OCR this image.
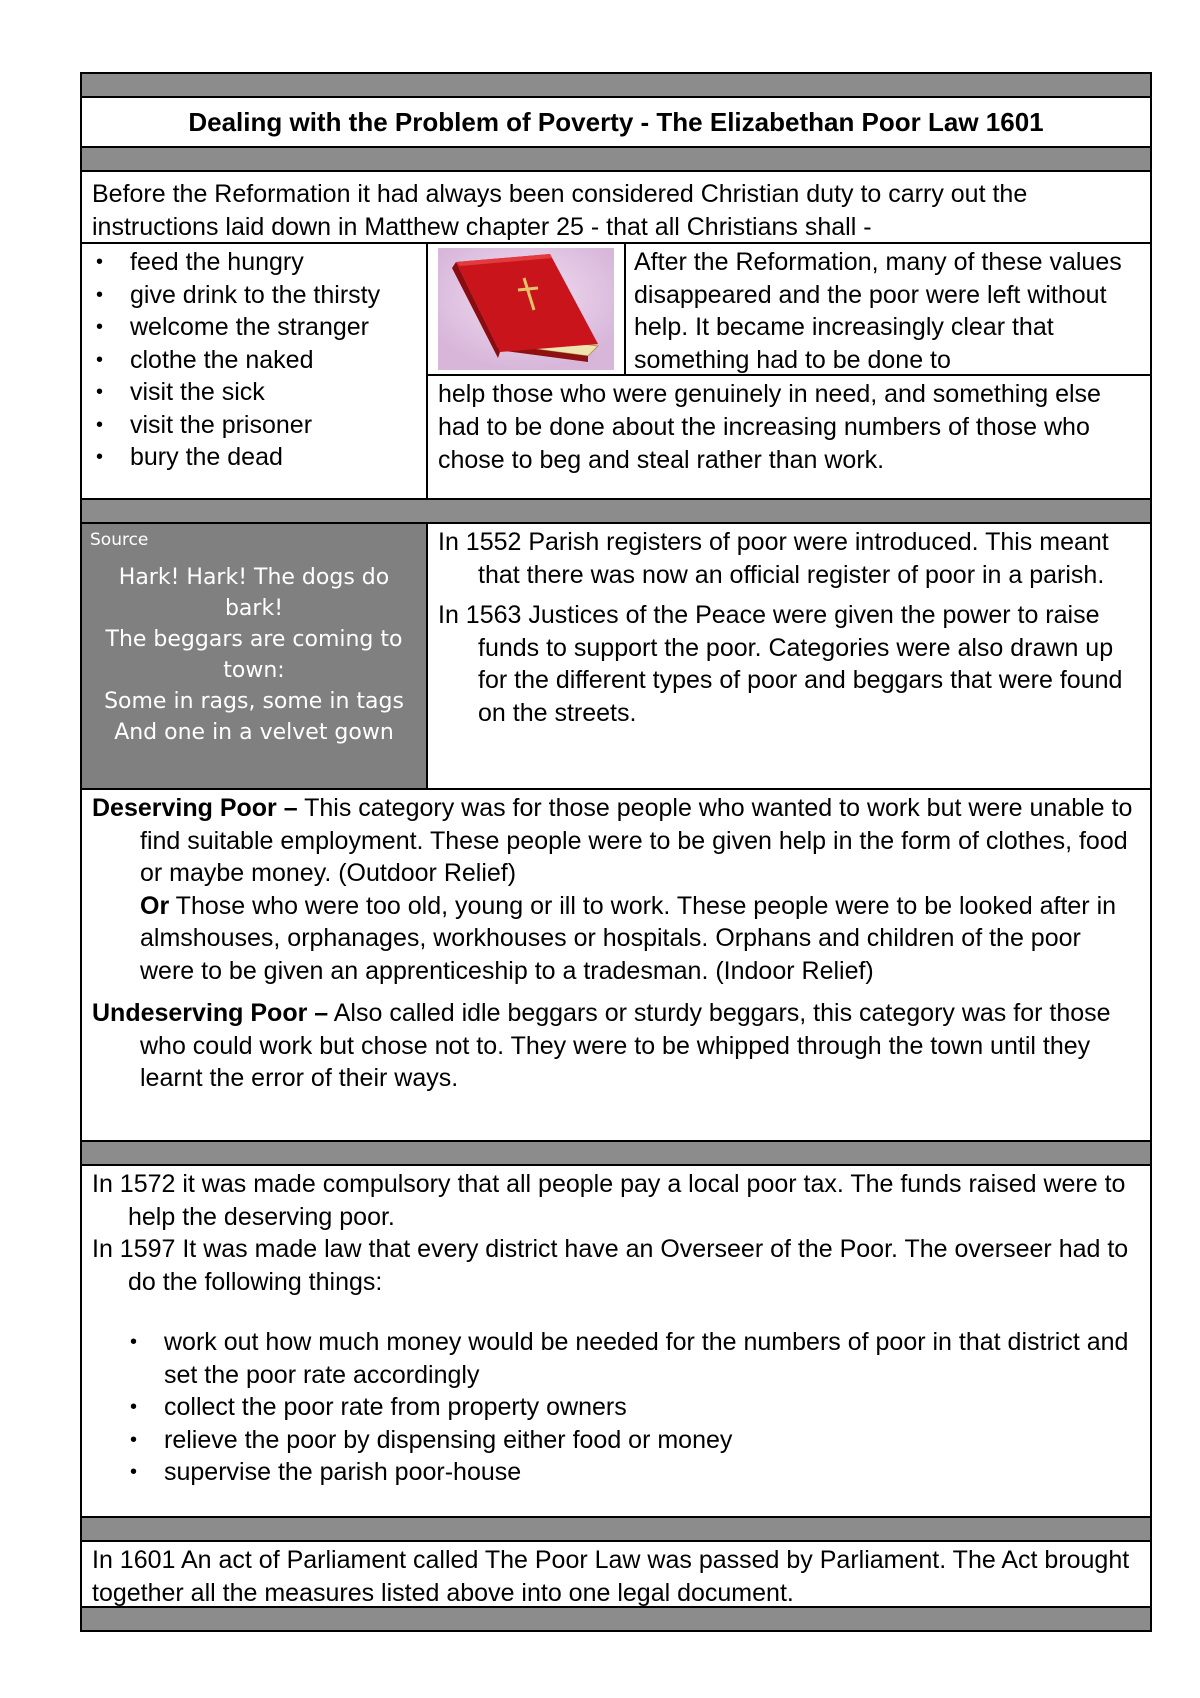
Dealing with the Problem of Poverty - The Elizabethan Poor Law 1601
Before the Reformation it had always been considered Christian duty to carry out the instructions laid down in Matthew chapter 25 - that all Christians shall -
• feed the hungry
• give drink to the thirsty
• welcome the stranger
• clothe the naked
• visit the sick
• visit the prisoner
• bury the dead
After the Reformation, many of these values disappeared and the poor were left without help. It became increasingly clear that something had to be done to
help those who were genuinely in need, and something else had to be done about the increasing numbers of those who chose to beg and steal rather than work.
Source
Hark! Hark! The dogs do bark!
The beggars are coming to town:
Some in rags, some in tags
And one in a velvet gown

In 1552 Parish registers of poor were introduced. This meant that there was now an official register of poor in a parish.

In 1563 Justices of the Peace were given the power to raise funds to support the poor. Categories were also drawn up for the different types of poor and beggars that were found on the streets.

Deserving Poor – This category was for those people who wanted to work but were unable to find suitable employment. These people were to be given help in the form of clothes, food or maybe money. (Outdoor Relief)

Or Those who were too old, young or ill to work. These people were to be looked after in almshouses, orphanages, workhouses or hospitals. Orphans and children of the poor were to be given an apprenticeship to a tradesman. (Indoor Relief)

Undeserving Poor – Also called idle beggars or sturdy beggars, this category was for those who could work but chose not to. They were to be whipped through the town until they learnt the error of their ways.

In 1572 it was made compulsory that all people pay a local poor tax. The funds raised were to help the deserving poor.

In 1597 It was made law that every district have an Overseer of the Poor. The overseer had to do the following things:

• work out how much money would be needed for the numbers of poor in that district and set the poor rate accordingly
• collect the poor rate from property owners
• relieve the poor by dispensing either food or money
• supervise the parish poor-house
In 1601 An act of Parliament called The Poor Law was passed by Parliament. The Act brought together all the measures listed above into one legal document.
